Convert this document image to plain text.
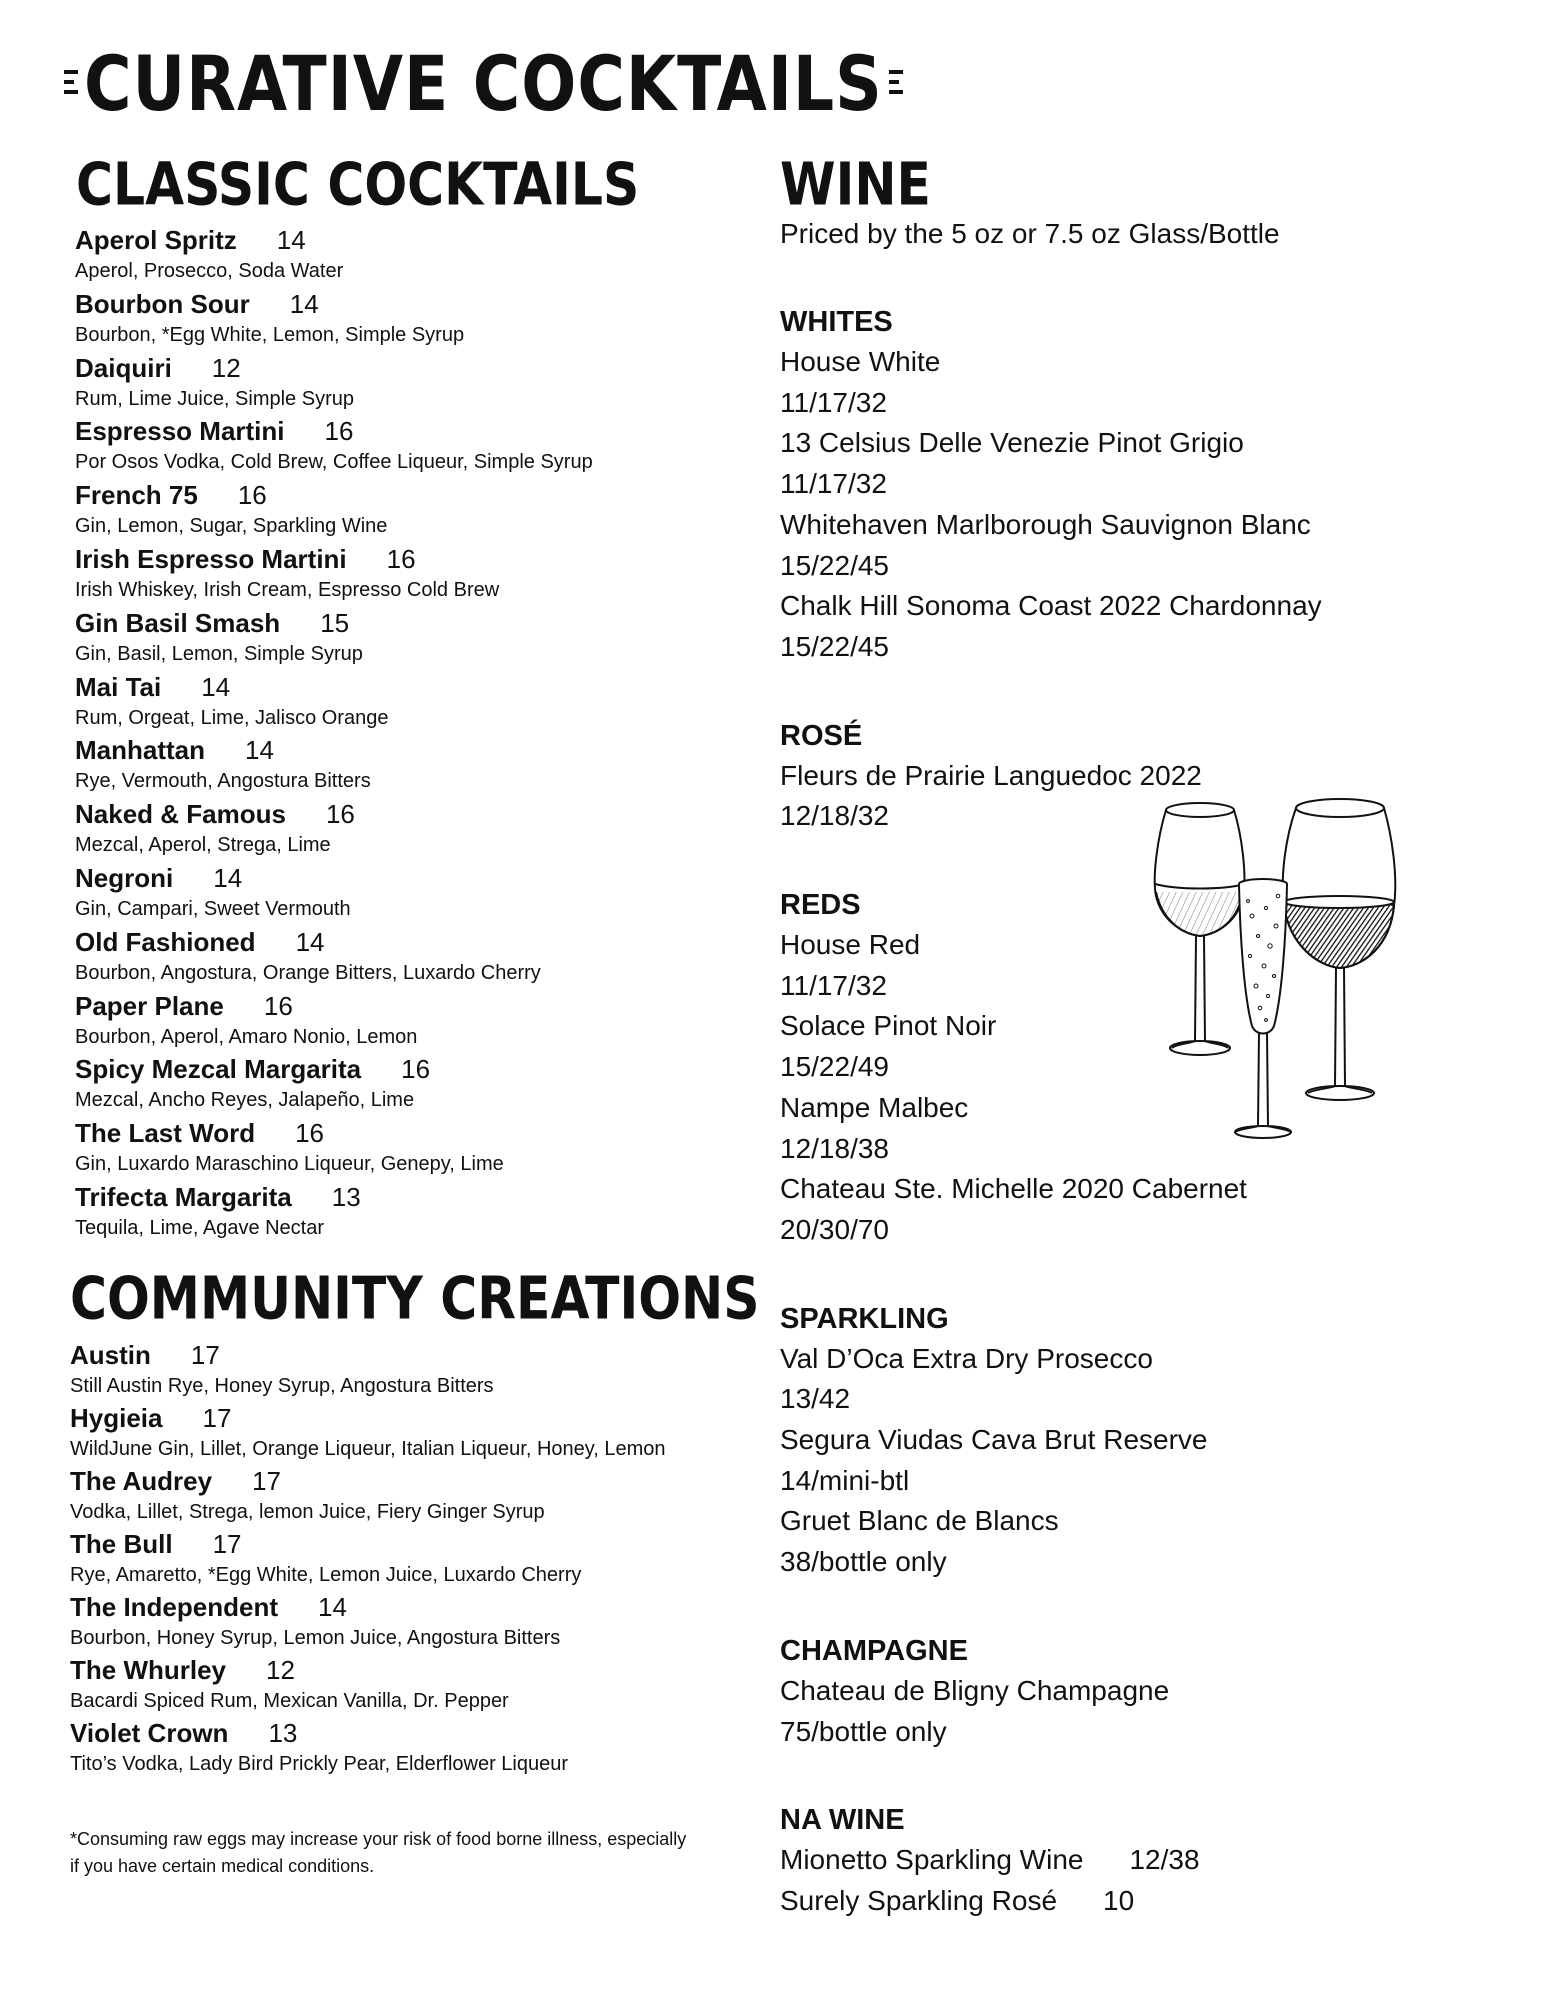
CURATIVE COCKTAILS
CLASSIC COCKTAILS
Aperol Spritz 14
Aperol, Prosecco, Soda Water
Bourbon Sour 14
Bourbon, *Egg White, Lemon, Simple Syrup
Daiquiri 12
Rum, Lime Juice, Simple Syrup
Espresso Martini 16
Por Osos Vodka, Cold Brew, Coffee Liqueur, Simple Syrup
French 75 16
Gin, Lemon, Sugar, Sparkling Wine
Irish Espresso Martini 16
Irish Whiskey, Irish Cream, Espresso Cold Brew
Gin Basil Smash 15
Gin, Basil, Lemon, Simple Syrup
Mai Tai 14
Rum, Orgeat, Lime, Jalisco Orange
Manhattan 14
Rye, Vermouth, Angostura Bitters
Naked & Famous 16
Mezcal, Aperol, Strega, Lime
Negroni 14
Gin, Campari, Sweet Vermouth
Old Fashioned 14
Bourbon, Angostura, Orange Bitters, Luxardo Cherry
Paper Plane 16
Bourbon, Aperol, Amaro Nonio, Lemon
Spicy Mezcal Margarita 16
Mezcal, Ancho Reyes, Jalapeño, Lime
The Last Word 16
Gin, Luxardo Maraschino Liqueur, Genepy, Lime
Trifecta Margarita 13
Tequila, Lime, Agave Nectar
COMMUNITY CREATIONS
Austin 17
Still Austin Rye, Honey Syrup, Angostura Bitters
Hygieia 17
WildJune Gin, Lillet, Orange Liqueur, Italian Liqueur, Honey, Lemon
The Audrey 17
Vodka, Lillet, Strega, lemon Juice, Fiery Ginger Syrup
The Bull 17
Rye, Amaretto, *Egg White, Lemon Juice, Luxardo Cherry
The Independent 14
Bourbon, Honey Syrup, Lemon Juice, Angostura Bitters
The Whurley 12
Bacardi Spiced Rum, Mexican Vanilla, Dr. Pepper
Violet Crown 13
Tito’s Vodka, Lady Bird Prickly Pear, Elderflower Liqueur
*Consuming raw eggs may increase your risk of food borne illness, especially if you have certain medical conditions.
WINE
Priced by the 5 oz or 7.5 oz Glass/Bottle
WHITES
House White
11/17/32
13 Celsius Delle Venezie Pinot Grigio
11/17/32
Whitehaven Marlborough Sauvignon Blanc
15/22/45
Chalk Hill Sonoma Coast 2022 Chardonnay
15/22/45
ROSÉ
Fleurs de Prairie Languedoc 2022
12/18/32
REDS
House Red
11/17/32
Solace Pinot Noir
15/22/49
Nampe Malbec
12/18/38
Chateau Ste. Michelle 2020 Cabernet
20/30/70
SPARKLING
Val D’Oca Extra Dry Prosecco
13/42
Segura Viudas Cava Brut Reserve
14/mini-btl
Gruet Blanc de Blancs
38/bottle only
CHAMPAGNE
Chateau de Bligny Champagne
75/bottle only
NA WINE
Mionetto Sparkling Wine 12/38
Surely Sparkling Rosé 10
